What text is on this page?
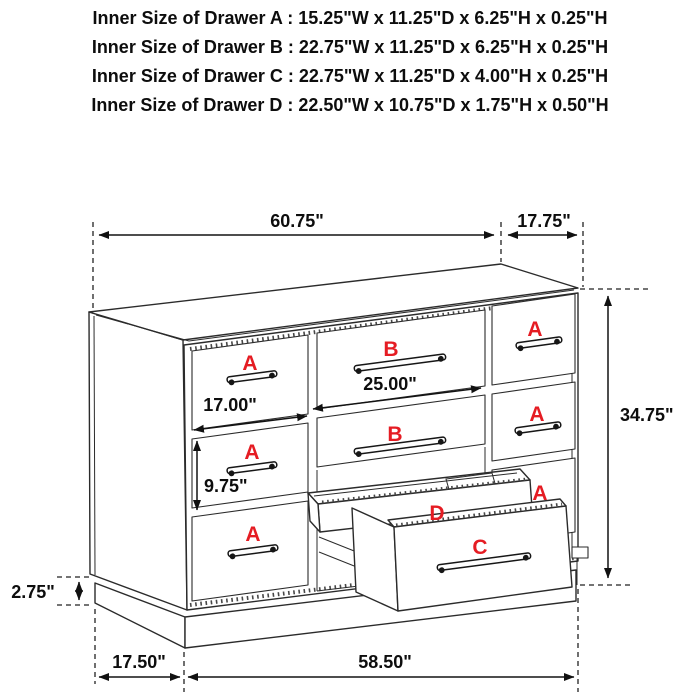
Inner Size of Drawer A : 15.25"W x 11.25"D x 6.25"H x 0.25"H
Inner Size of Drawer B : 22.75"W x 11.25"D x 6.25"H x 0.25"H
Inner Size of Drawer C : 22.75"W x 11.25"D x 4.00"H x 0.25"H
Inner Size of Drawer D : 22.50"W x 10.75"D x 1.75"H x 0.50"H
A
A
A
B
B
A
A
A
D
C
60.75"	17.75"
34.75"
25.00"
17.00"
9.75"
2.75"
17.50"	58.50"
